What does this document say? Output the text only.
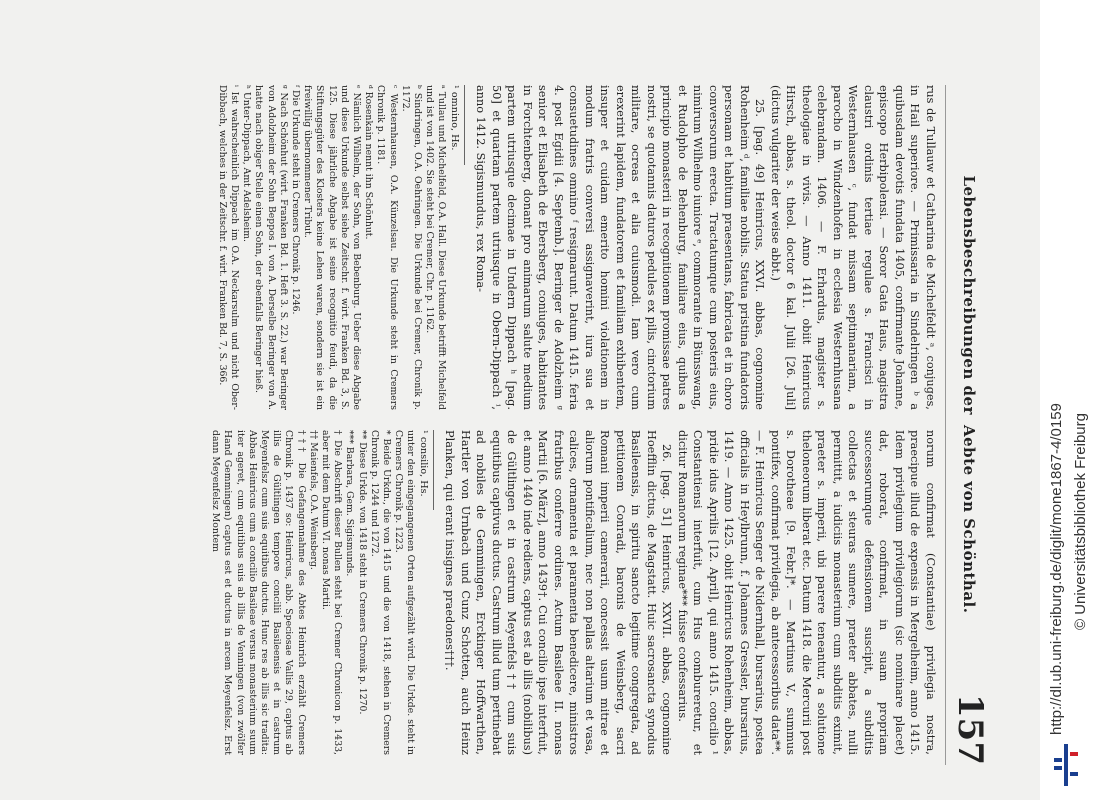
Lebensbeschreibungen der
Aebte von Schönthal.
157

rus de Tullauw et Catharina de Michelfeldt ᵃ, conjuges, in Hail superiore. — Primissaria in Sindelringen ᵇ a quibusdam devotis fundata 1405, confirmante Johanne, episcopo Herbipolensi. — Soror Gata Haus, magistra claustri ordinis tertiae regulae s. Francisci in Westernhausen ᶜ, fundat missam septimanariam, a parocho in Windzenhofen in ecclesia Westernhusana celebrandam. 1406. — F. Erhardus, magister s. theologiae in vivis. — Anno 1411. obiit Heinricus Hirsch, abbas, s. theol. doctor 6 kal. Julii [26. Juli] (dictus vulgariter der weise abbt.)

25. [pag. 49] Heinricus, XXVI. abbas, cognomine Rohenheim ᵈ, familiae nobilis. Statua pristina fundatoris personam et habitum praesentans, fabricata et in choro conversorum erecta. Tractatumque cum posteris eius, nimirum Wilhelmo iuniore ᵉ, commorante in Bünsswang, et Rudolpho de Behenburg, familiare eius, quibus a principio monasterii in recognitionem promissae patres nostri, se quotannis daturos pedules ex pilis, cinctorium militare, ocreas et alia cuiusmodi. Iam vero cum erexerint lapidem, fundatorem et familiam exhibentem, insuper et cuidam emerito homini violationem in modum fratris conversi assignaverint, iura sua et consuetudines omnino ᶠ resignarunt. Datum 1415. feria 4. post Egidii [4. Septemb.]. Beringer de Adolzheim ᵍ senior et Elisabeth de Ebersberg, coniuges, habitantes in Forchtenberg, donant pro animarum salute medium partem utriusque decimae in Undern Dippach ʰ [pag. 50] et quartam partem utriusque in Obern-Dippach ⁱ, anno 1412. Sigismundus, rex Roma-

¹ omnino, Hs.

ᵃ Tullau und Michelfeld, O.A. Hall. Diese Urkunde betrifft Michelfeld und ist von 1402. Sie steht bei Cremer, Chr. p. 1162.

ᵇ Sindringen, O.A. Oehringen. Die Urkunde bei Cremer, Chronik p. 1172.

ᶜ Westernhausen, O.A. Künzelsau. Die Urkunde steht in Cremers Chronik p. 1181.

ᵈ Rosenkain nennt ihn Schönhut.

ᵉ Nämlich Wilhelm, der Sohn, von Bebenburg. Ueber diese Abgabe und diese Urkunde selbst siehe Zeitschr. f. wirt. Franken Bd. 3, S. 125. Diese jährliche Abgabe ist seine recognitio feudi, da die Stiftungsgüter des Klosters keine Lehen waren, sondern sie ist ein freiwillig übernommener Tribut.

ᶠ Die Urkunde steht in Cremers Chronik p. 1246.

ᵍ Nach Schönhut (wirt. Franken Bd. 1. Heft 3. S. 22.) war Beringer von Adolzheim der Sohn Beppos I. von A. Derselbe Beringer von A. hatte nach obiger Stelle einen Sohn, der ebenfalls Beringer hieß.

ʰ Unter-Dippach, Amt Adelsheim.

ⁱ Ist wahrscheinlich Dippach im O.A. Neckarsulm und nicht Ober-Dibbach, welches in der Zeitschr. f. wirt. Franken Bd. 7, S. 366.

norum confirmat (Constantiae) privilegia nostra, praecipue illud de expensis in Mergelheim, anno 1415. Idem privilegium privilegiorum (sic nominare placet) dat, roborat, confirmat, in suam propriam successorumque defensionem suscipit, a subditis collectas et steuras sumere, praeter abbates, nulli permittit, a iudiciis monasterium cum subditis eximit, praeter s. imperii, ubi parere teneantur, a solutione theloneorum liberat etc. Datum 1418. die Mercurii post s. Dorotheae [9. Febr.]*. — Martinus V., summus pontifex, confirmat privilegia, ab antecessoribus data**. — F. Heinricus Senger de Nidernhall, bursarius, postea officialis in Heylbrunn, f. Johannes Gressler, bursarius, 1419. — Anno 1425. obiit Heinricus Rohenheim, abbas, pridie idus Aprilis [12. April], qui anno 1415. concilio ¹ Constantiensi interfuit, cum Hus combureretur, et dicitur Romanorum reginae*** fuisse confessarius.

26. [pag. 51] Heinricus, XXVII. abbas, cognomine Hoefflin dictus, de Magstatt. Huic sacrosancta synodus Basileensis, in spiritu sancto legitime congregata, ad petitionem Conradi, baronis de Weinsberg, sacri Romani imperii camerarii, concessit usum mitrae et aliorum pontificalium, nec non pallas altarium et vasa, calices, ornamenta et paramenta benedicere, ministros fratribus conferre ordines. Actum Basileae II. nonas Martii [6. März], anno 1439†. Cui concilio ipse interfuit, et anno 1440 inde rediens, captus est ab illis (nobilibus) de Gültlingen et in castrum Meyenfels†† cum suis equitibus captivus ductus. Castrum illud tum pertinebat ad nobiles de Gemmingen, Erckinger Hoffwarthen, Hartler von Urnbach und Cunz Schotten, auch Heinz Planken, qui erant insignes praedones†††.

¹ consilio, Hs.

unter den eingegangenen Orten aufgezählt wird. Die Urkde. steht in Cremers Chronik p. 1223.

* Beide Urkdn., die von 1415 und die von 1418, stehen in Cremers Chronik p. 1244 und 1272.

** Diese Urkde. von 1418 steht in Cremers Chronik p. 1270.

*** Barbara, Gem. Sigismunds.

† Die Abschrift dieser Bullen steht bei Cremer Chronicon p. 1433, aber mit dem Datum VI. nonas Martii.

†† Maienfels, O.A. Weinsberg.

††† Die Gefangennahme des Abtes Heinrich erzählt Cremers Chronik p. 1437 so: Heinricus, abb. Speciosae Vallis 29, captus ab illis de Gültlingen tempore concilii Basileensis et in castrum Meyenfelsz cum suis equitibus ductus. Hunc res ab illis sic tradita: Abbas Heinricus cum a concilio Basileae versus monasterium suum iter ageret, cum equitibus suis ab illis de Venningen (von zwölfer Hand Gemmingen) captus est et ductus in arcem Meyenfelsz. Erst dann Meyenfelsz Montem	http://dl.ub.uni-freiburg.de/diglit/mone1867-4/0159 © Universitätsbibliothek Freiburg
